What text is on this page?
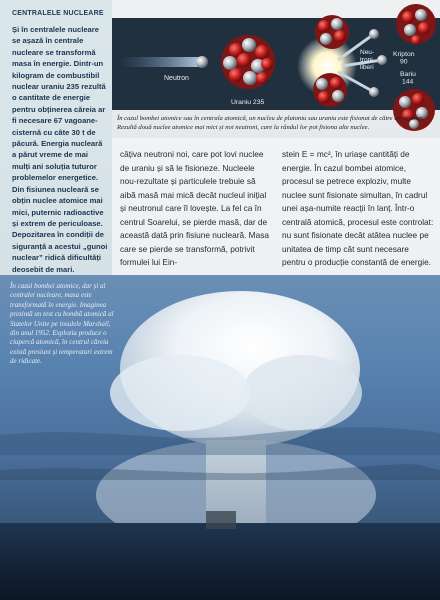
CENTRALELE NUCLEARE

Și în centralele nucleare se așază în centrale nucleare se transformă masa în energie. Dintr-un kilogram de combustibil nuclear uraniu 235 rezultă o cantitate de energie pentru obținerea căreia ar fi necesare 67 vagoane-cisternă cu câte 30 t de păcură. Energia nucleară a părut vreme de mai mulți ani soluția tuturor problemelor energetice. Din fisiunea nucleară se obțin nuclee atomice mai mici, puternic radioactive și extrem de periculoase. Depozitarea în condiții de siguranță a acestui „gunoi nuclear” ridică dificultăți deosebit de mari.

Neutron
Uraniu 235
Neu- troni liberi
Kripton 90
Bariu 144
În cazul bombei atomice sau în centrala atomică, un nucleu de plutoniu sau uraniu este fisionat de către un neutron. Rezultă două nuclee atomice mai mici și noi neutroni, care la rândul lor pot fisiona alte nuclee.

câțiva neutroni noi, care pot lovi nuclee de uraniu și să le fisioneze. Nucleele nou-rezultate și particulele trebuie să aibă masă mai mică decât nucleul inițial și neutronul care îl lovește. La fel ca în centrul Soarelui, se pierde masă, dar de această dată prin fisiune nucleară. Masa care se pierde se transformă, potrivit formulei lui Ein-

stein E = mc², în uriașe cantități de energie. În cazul bombei atomice, procesul se petrece exploziv, multe nuclee sunt fisionate simultan, în cadrul unei așa-numite reacții în lanț. Într-o centrală atomică, procesul este controlat: nu sunt fisionate decât atâtea nuclee pe unitatea de timp cât sunt necesare pentru o producție constantă de energie.

În cazul bombei atomice, dar și al centralei nucleare, masa este transformată în energie. Imaginea prezintă un test cu bombă atomică al Statelor Unite pe insulele Marshall, din anul 1952. Explozia produce o ciupercă atomică, în centrul căreia există presiuni și temperaturi extrem de ridicate.
